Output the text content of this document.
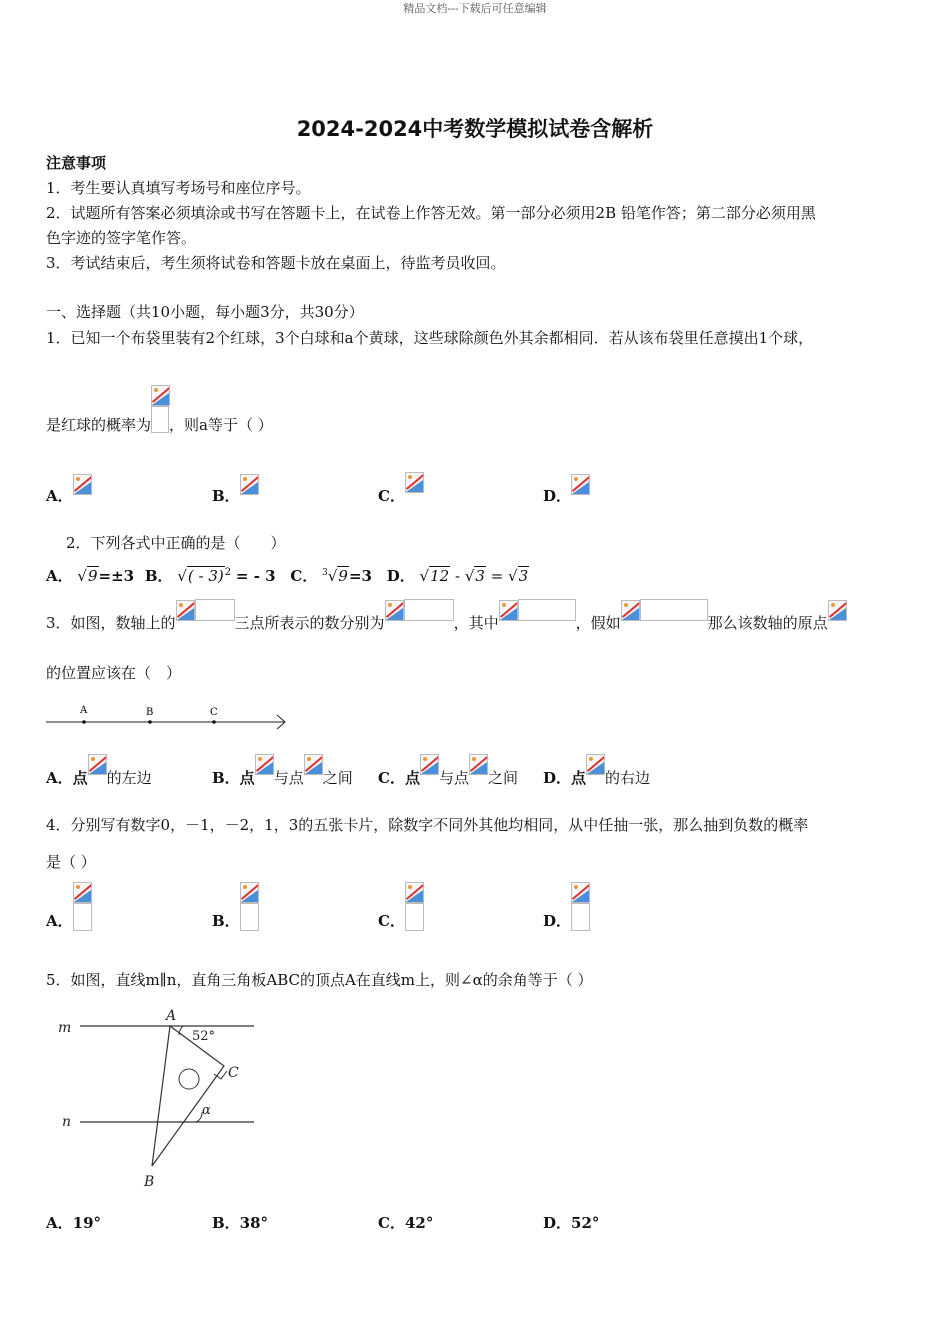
精品文档---下载后可任意编辑
2024-2024中考数学模拟试卷含解析
注意事项
1．考生要认真填写考场号和座位序号。
2．试题所有答案必须填涂或书写在答题卡上，在试卷上作答无效。第一部分必须用2B 铅笔作答；第二部分必须用黑
色字迹的签字笔作答。
3．考试结束后，考生须将试卷和答题卡放在桌面上，待监考员收回。
一、选择题（共10小题，每小题3分，共30分）
1．已知一个布袋里装有2个红球，3个白球和a个黄球，这些球除颜色外其余都相同．若从该布袋里任意摸出1个球，
是红球的概率为 ，则a等于（ ）
A．	B．	C．	D．
2．下列各式中正确的是（　　）
A． √9=±3 B． √( - 3)$^2$ = - 3 C． $^3$√9=3 D． √12 - √3 = √3
3．如图，数轴上的	三点所表示的数分别为	，其中	，假如	那么该数轴的原点
的位置应该在（　）
A	B	C
A．点 的左边	B．点 与点 之间 C．点 与点 之间 D．点 的右边
4．分别写有数字0，－1，－2，1，3的五张卡片，除数字不同外其他均相同，从中任抽一张，那么抽到负数的概率
是（ ）
A．	B．	C．	D．
5．如图，直线m∥n，直角三角板ABC的顶点A在直线m上，则∠α的余角等于（ ）
m
n
A
B
C
α
52°
A．19°	B．38°	C．42°	D．52°
